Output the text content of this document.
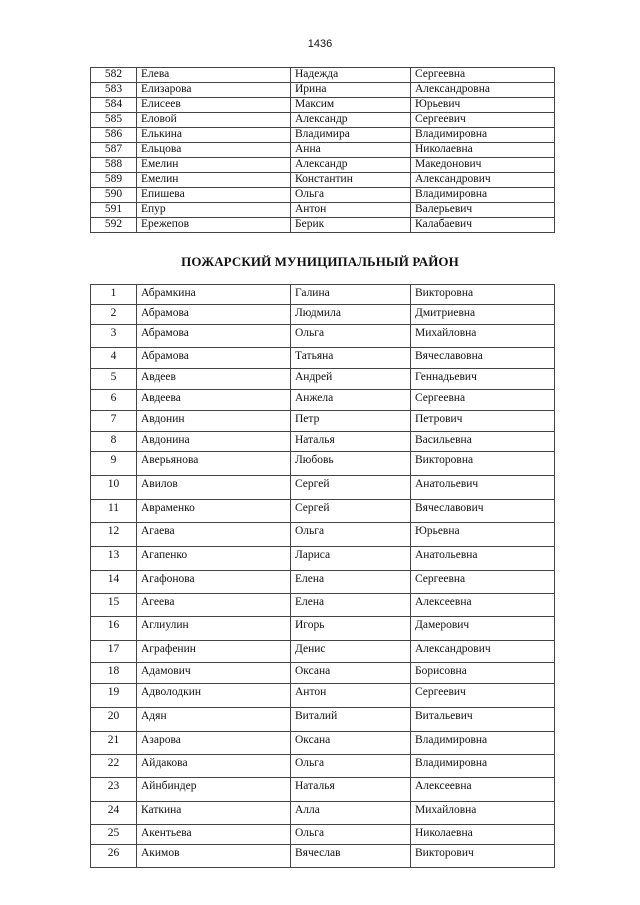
1436
582	Елева	Надежда	Сергеевна
583	Елизарова	Ирина	Александровна
584	Елисеев	Максим	Юрьевич
585	Еловой	Александр	Сергеевич
586	Елькина	Владимира	Владимировна
587	Ельцова	Анна	Николаевна
588	Емелин	Александр	Македонович
589	Емелин	Константин	Александрович
590	Епишева	Ольга	Владимировна
591	Епур	Антон	Валерьевич
592	Ережепов	Берик	Калабаевич
ПОЖАРСКИЙ МУНИЦИПАЛЬНЫЙ РАЙОН
1	Абрамкина	Галина	Викторовна
2	Абрамова	Людмила	Дмитриевна
3	Абрамова	Ольга	Михайловна
4	Абрамова	Татьяна	Вячеславовна
5	Авдеев	Андрей	Геннадьевич
6	Авдеева	Анжела	Сергеевна
7	Авдонин	Петр	Петрович
8	Авдонина	Наталья	Васильевна
9	Аверьянова	Любовь	Викторовна
10	Авилов	Сергей	Анатольевич
11	Авраменко	Сергей	Вячеславович
12	Агаева	Ольга	Юрьевна
13	Агапенко	Лариса	Анатольевна
14	Агафонова	Елена	Сергеевна
15	Агеева	Елена	Алексеевна
16	Аглиулин	Игорь	Дамерович
17	Аграфенин	Денис	Александрович
18	Адамович	Оксана	Борисовна
19	Адволодкин	Антон	Сергеевич
20	Адян	Виталий	Витальевич
21	Азарова	Оксана	Владимировна
22	Айдакова	Ольга	Владимировна
23	Айнбиндер	Наталья	Алексеевна
24	Каткина	Алла	Михайловна
25	Акентьева	Ольга	Николаевна
26	Акимов	Вячеслав	Викторович
